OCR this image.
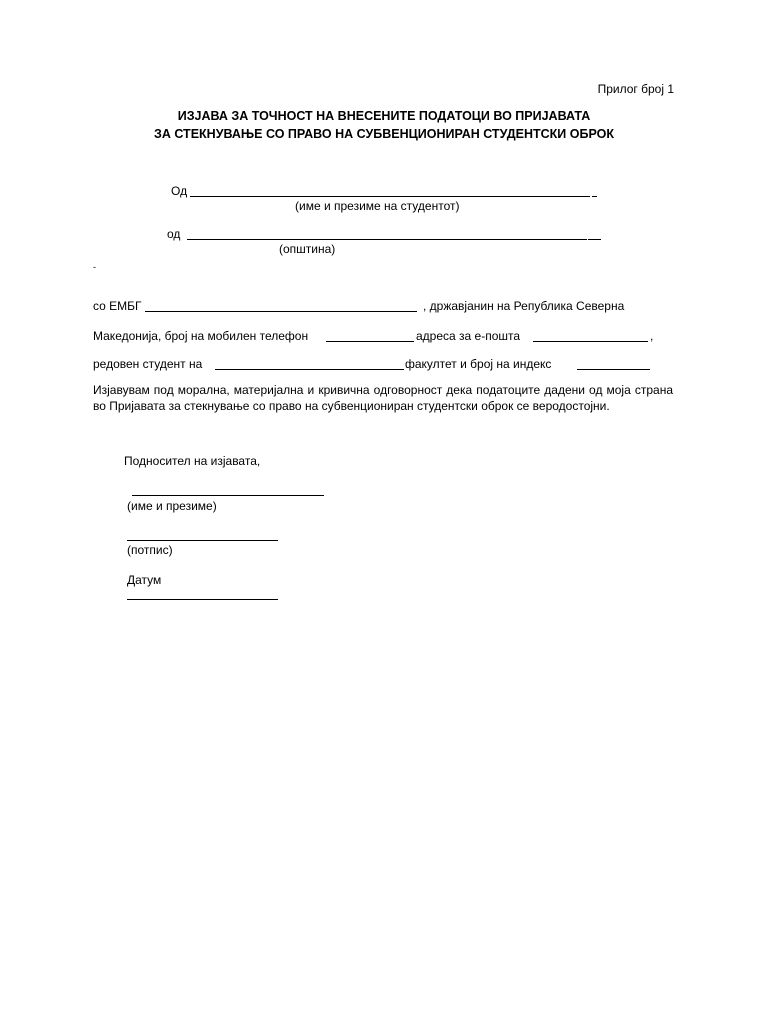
Прилог број 1
ИЗЈАВА ЗА ТОЧНОСТ НА ВНЕСЕНИТЕ ПОДАТОЦИ ВО ПРИЈАВАТА
ЗА СТЕКНУВАЊЕ СО ПРАВО НА СУБВЕНЦИОНИРАН СТУДЕНТСКИ ОБРОК
Од
(име и презиме на студентот)
од
(општина)
-
со ЕМБГ	, државјанин на Република Северна
Македонија, број на мобилен телефон	адреса за е-пошта	,
редовен студент на	факултет и број на индекс
Изјавувам под морална, материјална и кривична одговорност дека податоците дадени од моја страна во Пријавата за стекнување со право на субвенциониран студентски оброк се веродостојни.
Подносител на изјавата,
(име и презиме)
(потпис)
Датум
